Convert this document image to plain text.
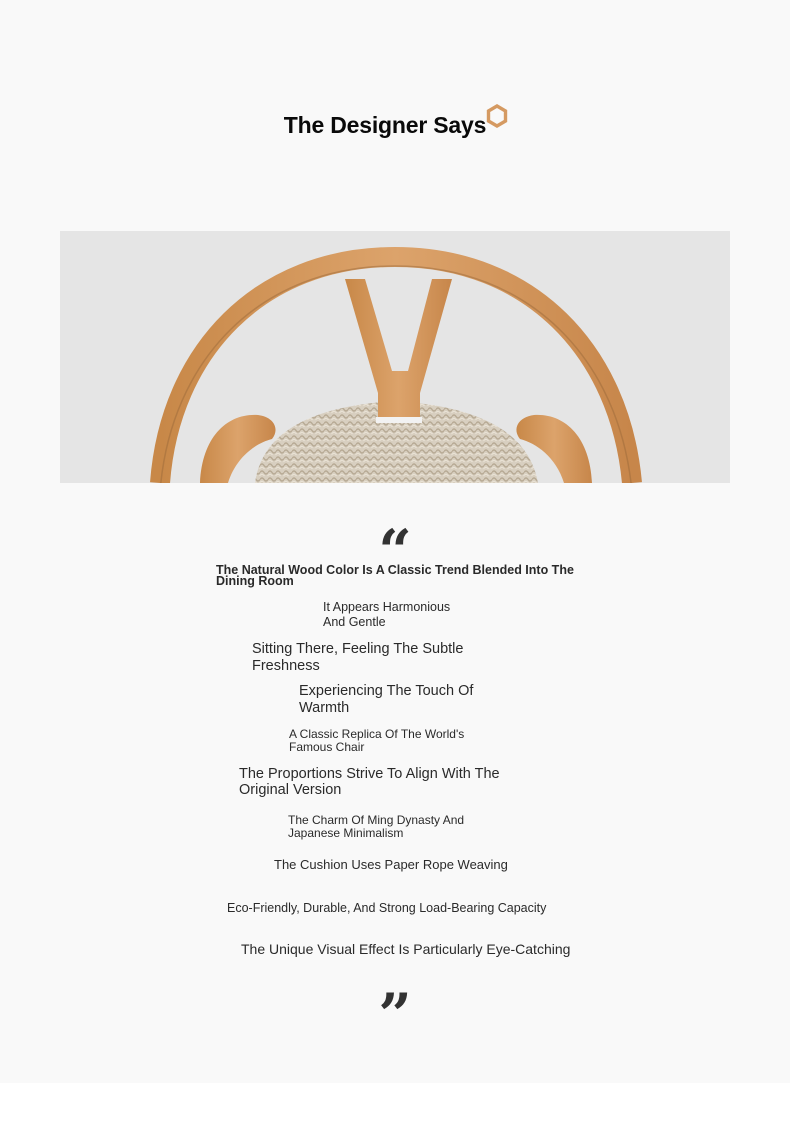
The Designer Says
“

The Natural Wood Color Is A Classic Trend Blended Into The
Dining Room

It Appears Harmonious
And Gentle

Sitting There, Feeling The Subtle
Freshness

Experiencing The Touch Of
Warmth

A Classic Replica Of The World's
Famous Chair

The Proportions Strive To Align With The
Original Version

The Charm Of Ming Dynasty And
Japanese Minimalism

The Cushion Uses Paper Rope Weaving

Eco-Friendly, Durable, And Strong Load-Bearing Capacity

The Unique Visual Effect Is Particularly Eye-Catching

”
